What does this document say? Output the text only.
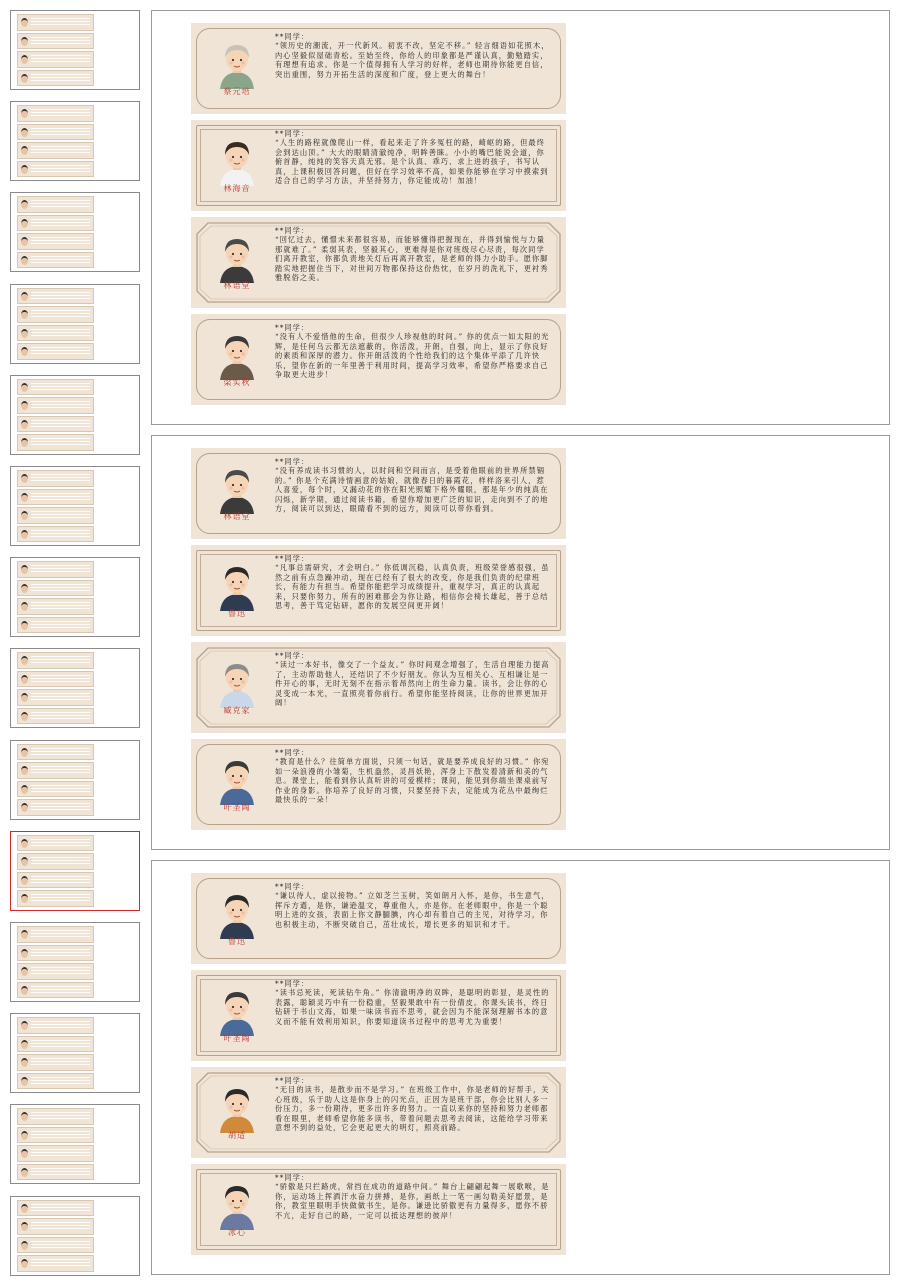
蔡元培
**同学：
“领历史的潮流，开一代新风。初衷不改，坚定不移。” 轻言细语如花照木，内心坚毅似屋础青松。至始至终，你给人的印象都是严谨认真，勤勉踏实，有理想有追求。你是一个值得拥有人学习的好样，老师也期待你能更自信，突出重围，努力开拓生活的深度和广度，登上更大的舞台！
林海音
**同学：
“人生的路程就像爬山一样，看起来走了许多冤枉的路，崎岖的路，但最终会到达山顶。” 大大的眼睛清澈纯净，明眸善睐。小小的嘴巴能说会道，你俯首静，纯纯的笑容天真无邪。是个认真、乖巧、求上进的孩子，书写认真，上课积极回答问题，但好在学习效率不高，如果你能够在学习中摸索到适合自己的学习方法，并坚持努力，你定能成功！加油！
林语堂
**同学：
“回忆过去，懂憬未来都很容易，而能够懂得把握现在，并得到愉悦与力量那就难了。” 柔弱其表，坚毅其心，更难得是你对班级尽心尽责，每次同学们离开教室，你都负责地关灯后再离开教室，是老师的得力小助手。愿你脚踏实地把握住当下，对世间万物都保持这份热忱，在岁月的洗礼下，更衬秀雅脱俗之美。
梁实秋
**同学：
“没有人不爱惜他的生命，但很少人珍视他的时间。” 你的优点一如太阳的光辉，是任何乌云都无法遮蔽的，你活泼，开朗，自强，向上，显示了你良好的素质和深厚的潜力。你开朗活泼的个性给我们的这个集体平添了几许快乐，望你在新的一年里善于利用时间，提高学习效率，希望你严格要求自己争取更大进步！
林语堂
**同学：
“没有养成读书习惯的人，以时间和空间而言，是受着他眼前的世界所禁锢的。” 你是个充满诗情画意的姑娘，就像春日的暮霞花，样样洛来引人，惹人喜爱，每个时，又漏动花的你在阳光照耀下格外耀眼，那是年少的纯真在闪烁，新学期，通过阅读书籍，希望你增加更广泛的知识，走向到不了的地方，阅读可以到达，眼睛看不到的远方，阅读可以带你看到。
鲁迅
**同学：
“凡事总需研究，才会明白。” 你低调沉稳，认真负责，班级荣誉感很强，虽然之前有点急躁冲动，现在已经有了很大的改变，你是我们负责的纪律班长，有能力有担当。希望你能把学习成绩提升，重视学习，真正的认真起来，只要你努力，所有的困难都会为你让路，相信你会椅长雄起，善于总结思考，善于笃定钻研，愿你的发展空间更开阔！
臧克家
**同学：
“读过一本好书，像交了一个益友。” 你时间观念增强了，生活自理能力提高了，主动帮助他人，还结识了不少好朋友。你认为互相关心、互相谦让是一件开心的事，无时无刻不在指示着昂然向上的生命力量。读书，会让你的心灵变成一本光，一直照亮着你前行。希望你能坚持阅读，让你的世界更加开阔！
叶圣陶
**同学：
“教育是什么？往简单方面说，只须一句话，就是要养成良好的习惯。” 你宛如一朵浪漫的小雏菊，生机盎然，灵昌妖艳，浑身上下散发着清新和美的气息。课堂上，能看到你认真听讲的可爱模样；课间，能见到你端坐课桌前写作业的身影。你培养了良好的习惯，只要坚持下去，定能成为花丛中最绚烂最快乐的一朵！
鲁迅
**同学：
“谦以待人，虚以接物。” 立如芝兰玉树，笑如朗月入怀，是你，书生意气，挥斥方遒，是你，谦逊温文，尊重他人，亦是你。在老师眼中，你是一个聪明上进的女孩，表面上你文静腼腆，内心却有着自己的主见，对待学习，你也积极主动，不断突破自己，茁壮成长，增长更多的知识和才干。
叶圣陶
**同学：
“读书忌死读，死读钻牛角。” 你清澈明净的双眸，是聪明的彰显，是灵性的表露，聪颖灵巧中有一份稳重，坚毅果敢中有一份倩皮。你课头读书，终日钻研于书山文海，如果一味读书而不思考，就会因为不能深刻理解书本的意义而不能有效利用知识，你要知道读书过程中的思考尤为重要！
胡适
**同学：
“无目的读书，是散步而不是学习。” 在班级工作中，你是老师的好帮手，关心班级，乐于助人这是你身上的闪光点，正因为是班干部，你会比别人多一份压力，多一份期待，更多出许多的努力。一直以来你的坚持和努力老师都看在眼里，老师希望你能多读书，带着问题去思考去阅读，这能给学习带来意想不到的益处，它会更起更大的明灯，照亮前路。
冰心
**同学：
“骄傲是只拦路虎，常挡在成功的道路中间。” 舞台上翩翩起舞一展歌喉，是你，运动场上挥洒汗水奋力拼搏，是你，画纸上一笔一画勾勒美好愿景，是你，教室里眼明手快做做书生，是你。谦逊比骄傲更有力量得多，愿你不骄不亢，走好自己的路，一定可以抵达理想的彼岸！
